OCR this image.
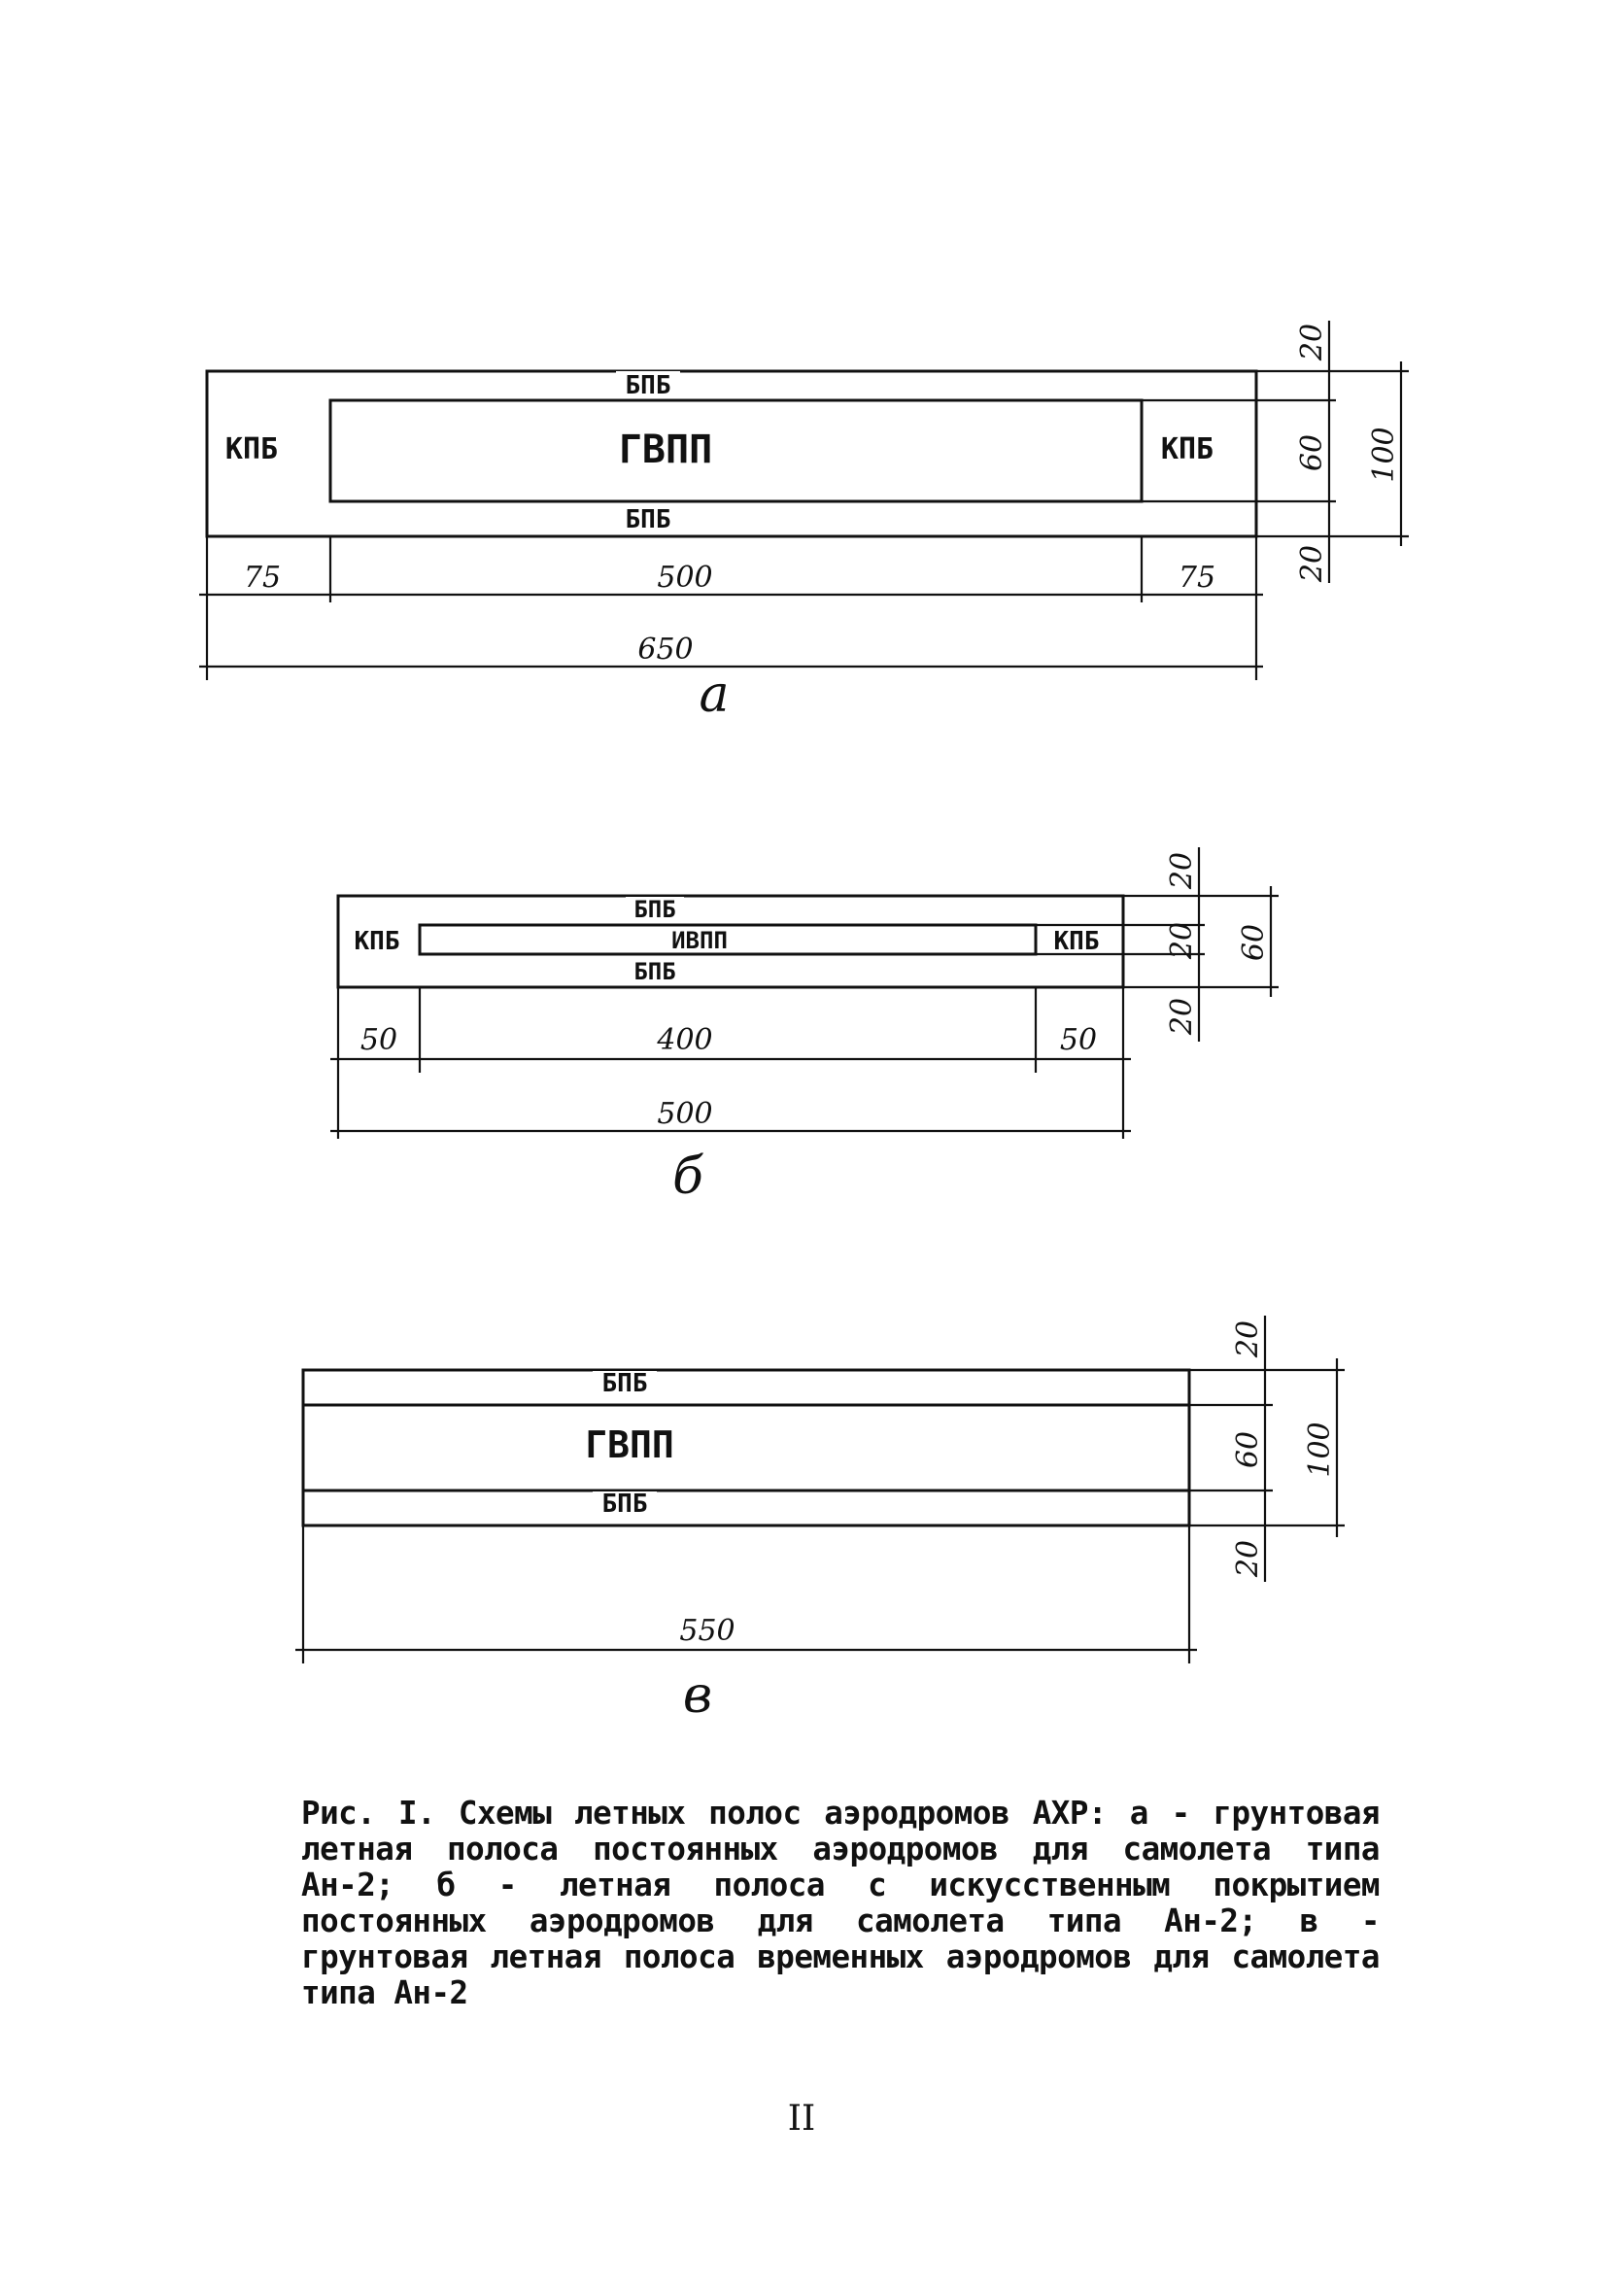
БПБ
БПБ
КПБ	КПБ
ГВПП
75	500	75
650
20
60
20
100
а
БПБ
БПБ
КПБ	КПБ
ИВПП
50	400	50
500
20
20
20
60
б
БПБ
БПБ
ГВПП
550
20
60
20
100
в
Рис. I. Схемы летных полос аэродромов АХР: а - грунтовая летная полоса постоянных аэродромов для самолета типа Ан-2; б - летная полоса с искусственным покрытием постоянных аэродромов для самолета типа Ан-2; в - грунтовая летная полоса временных аэродромов для самолета типа Ан-2
II
